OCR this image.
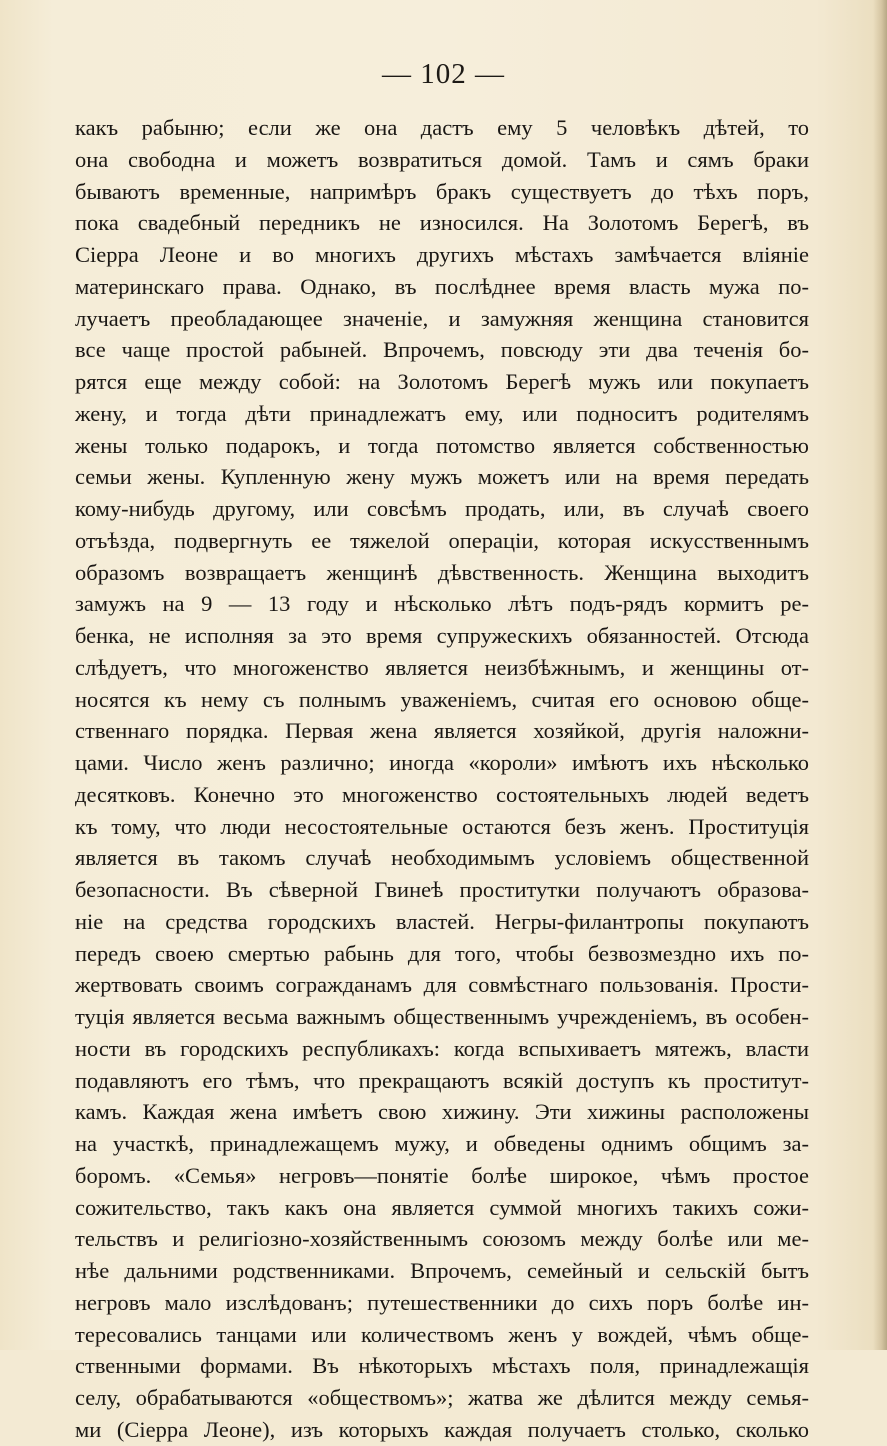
— 102 —
какъ рабыню; если же она дастъ ему 5 человѣкъ дѣтей, то
она свободна и можетъ возвратиться домой. Тамъ и сямъ браки
бываютъ временные, напримѣръ бракъ существуетъ до тѣхъ поръ,
пока свадебный передникъ не износился. На Золотомъ Берегѣ, въ
Сіерра Леоне и во многихъ другихъ мѣстахъ замѣчается вліяніе
материнскаго права. Однако, въ послѣднее время власть мужа по-
лучаетъ преобладающее значеніе, и замужняя женщина становится
все чаще простой рабыней. Впрочемъ, повсюду эти два теченія бо-
рятся еще между собой: на Золотомъ Берегѣ мужъ или покупаетъ
жену, и тогда дѣти принадлежатъ ему, или подноситъ родителямъ
жены только подарокъ, и тогда потомство является собственностью
семьи жены. Купленную жену мужъ можетъ или на время передать
кому-нибудь другому, или совсѣмъ продать, или, въ случаѣ своего
отъѣзда, подвергнуть ее тяжелой операціи, которая искусственнымъ
образомъ возвращаетъ женщинѣ дѣвственность. Женщина выходитъ
замужъ на 9 — 13 году и нѣсколько лѣтъ подъ-рядъ кормитъ ре-
бенка, не исполняя за это время супружескихъ обязанностей. Отсюда
слѣдуетъ, что многоженство является неизбѣжнымъ, и женщины от-
носятся къ нему съ полнымъ уваженіемъ, считая его основою обще-
ственнаго порядка. Первая жена является хозяйкой, другія наложни-
цами. Число женъ различно; иногда «короли» имѣютъ ихъ нѣсколько
десятковъ. Конечно это многоженство состоятельныхъ людей ведетъ
къ тому, что люди несостоятельные остаются безъ женъ. Проституція
является въ такомъ случаѣ необходимымъ условіемъ общественной
безопасности. Въ сѣверной Гвинеѣ проститутки получаютъ образова-
ніе на средства городскихъ властей. Негры-филантропы покупаютъ
передъ своею смертью рабынь для того, чтобы безвозмездно ихъ по-
жертвовать своимъ согражданамъ для совмѣстнаго пользованія. Прости-
туція является весьма важнымъ общественнымъ учрежденіемъ, въ особен-
ности въ городскихъ республикахъ: когда вспыхиваетъ мятежъ, власти
подавляютъ его тѣмъ, что прекращаютъ всякій доступъ къ проститут-
камъ. Каждая жена имѣетъ свою хижину. Эти хижины расположены
на участкѣ, принадлежащемъ мужу, и обведены однимъ общимъ за-
боромъ. «Семья» негровъ—понятіе болѣе широкое, чѣмъ простое
сожительство, такъ какъ она является суммой многихъ такихъ сожи-
тельствъ и религіозно-хозяйственнымъ союзомъ между болѣе или ме-
нѣе дальними родственниками. Впрочемъ, семейный и сельскій бытъ
негровъ мало изслѣдованъ; путешественники до сихъ поръ болѣе ин-
тересовались танцами или количествомъ женъ у вождей, чѣмъ обще-
ственными формами. Въ нѣкоторыхъ мѣстахъ поля, принадлежащія
селу, обрабатываются «обществомъ»; жатва же дѣлится между семья-
ми (Сіерра Леоне), изъ которыхъ каждая получаетъ столько, сколько
